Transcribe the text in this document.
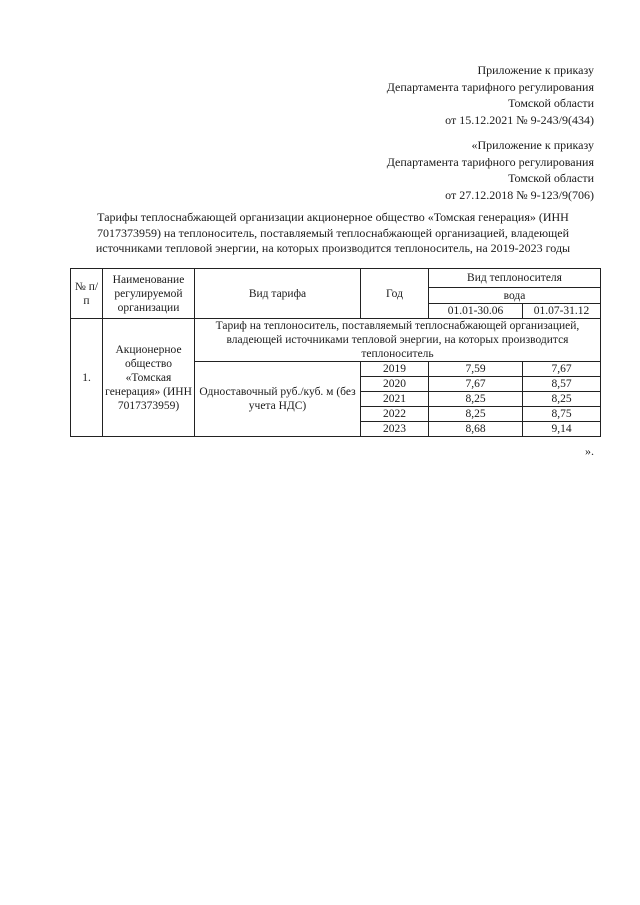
Приложение к приказу
Департамента тарифного регулирования
Томской области
от 15.12.2021 № 9-243/9(434)
«Приложение к приказу
Департамента тарифного регулирования
Томской области
от 27.12.2018 № 9-123/9(706)
Тарифы теплоснабжающей организации акционерное общество «Томская генерация» (ИНН 7017373959) на теплоноситель, поставляемый теплоснабжающей организацией, владеющей источниками тепловой энергии, на которых производится теплоноситель, на 2019-2023 годы
№ п/п	Наименование регулируемой организации	Вид тарифа	Год	Вид теплоносителя	
				вода	
				01.01-30.06	01.07-31.12
1.	Акционерное общество «Томская генерация» (ИНН 7017373959)	Тариф на теплоноситель, поставляемый теплоснабжающей организацией, владеющей источниками тепловой энергии, на которых производится теплоноситель			
		Одноставочный руб./куб. м (без учета НДС)	2019	7,59	7,67
			2020	7,67	8,57
			2021	8,25	8,25
			2022	8,25	8,75
			2023	8,68	9,14
».
